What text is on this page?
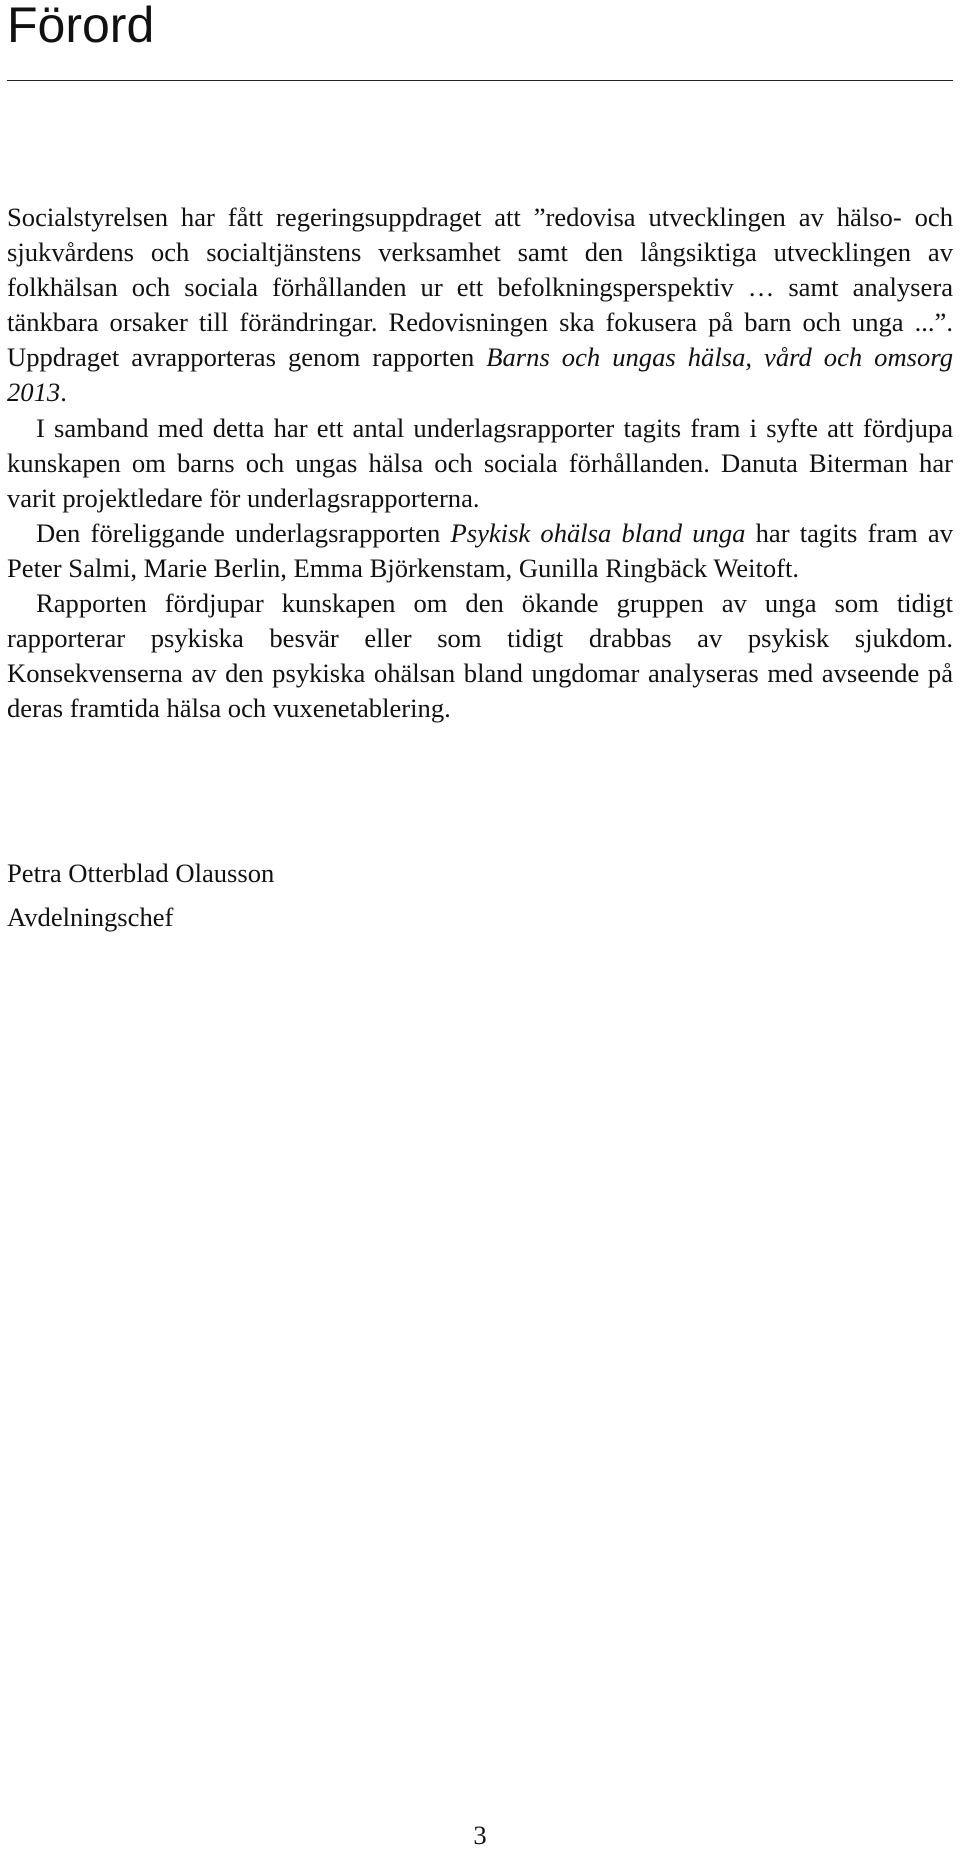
Förord

Socialstyrelsen har fått regeringsuppdraget att ”redovisa utvecklingen av hälso- och sjukvårdens och socialtjänstens verksamhet samt den långsiktiga utvecklingen av folkhälsan och sociala förhållanden ur ett befolkningsperspektiv … samt analysera tänkbara orsaker till förändringar. Redovisningen ska fokusera på barn och unga ...”. Uppdraget avrapporteras genom rapporten Barns och ungas hälsa, vård och omsorg 2013.

I samband med detta har ett antal underlagsrapporter tagits fram i syfte att fördjupa kunskapen om barns och ungas hälsa och sociala förhållanden. Danuta Biterman har varit projektledare för underlagsrapporterna.

Den föreliggande underlagsrapporten Psykisk ohälsa bland unga har tagits fram av Peter Salmi, Marie Berlin, Emma Björkenstam, Gunilla Ringbäck Weitoft.

Rapporten fördjupar kunskapen om den ökande gruppen av unga som tidigt rapporterar psykiska besvär eller som tidigt drabbas av psykisk sjukdom. Konsekvenserna av den psykiska ohälsan bland ungdomar analyseras med avseende på deras framtida hälsa och vuxenetablering.

Petra Otterblad Olausson
Avdelningschef
3
